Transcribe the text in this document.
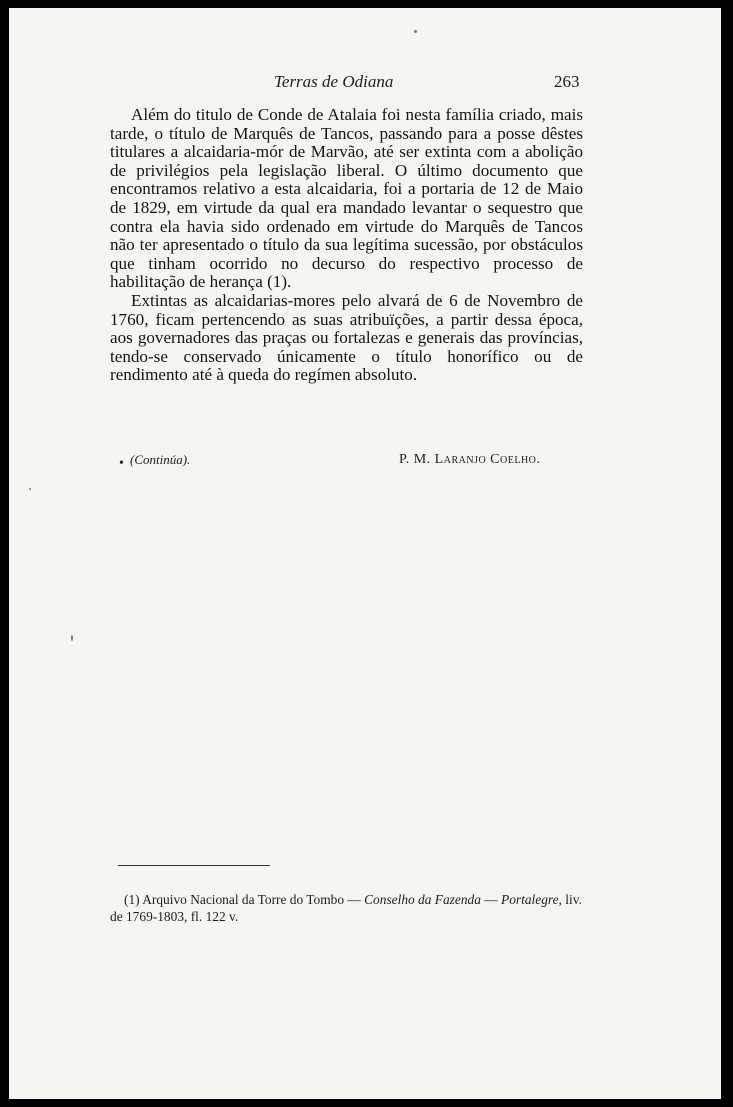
Terras de Odiana	263

Além do titulo de Conde de Atalaia foi nesta família criado, mais tarde, o título de Marquês de Tancos, passando para a posse dêstes titulares a alcaidaria-mór de Marvão, até ser extinta com a abolição de privilégios pela legislação liberal. O último documento que encontramos relativo a esta alcaidaria, foi a portaria de 12 de Maio de 1829, em virtude da qual era mandado levantar o sequestro que contra ela havia sido ordenado em virtude do Marquês de Tancos não ter apresentado o título da sua legítima sucessão, por obstáculos que tinham ocorrido no decurso do respectivo processo de habilitação de herança (1).

Extintas as alcaidarias-mores pelo alvará de 6 de Novembro de 1760, ficam pertencendo as suas atribuïções, a partir dessa época, aos governadores das praças ou fortalezas e generais das províncias, tendo-se conservado únicamente o título honorífico ou de rendimento até à queda do regímen absoluto.

• (Continúa).	P. M. Laranjo Coelho.

(1) Arquivo Nacional da Torre do Tombo — Conselho da Fazenda — Portalegre, liv. de 1769-1803, fl. 122 v.
